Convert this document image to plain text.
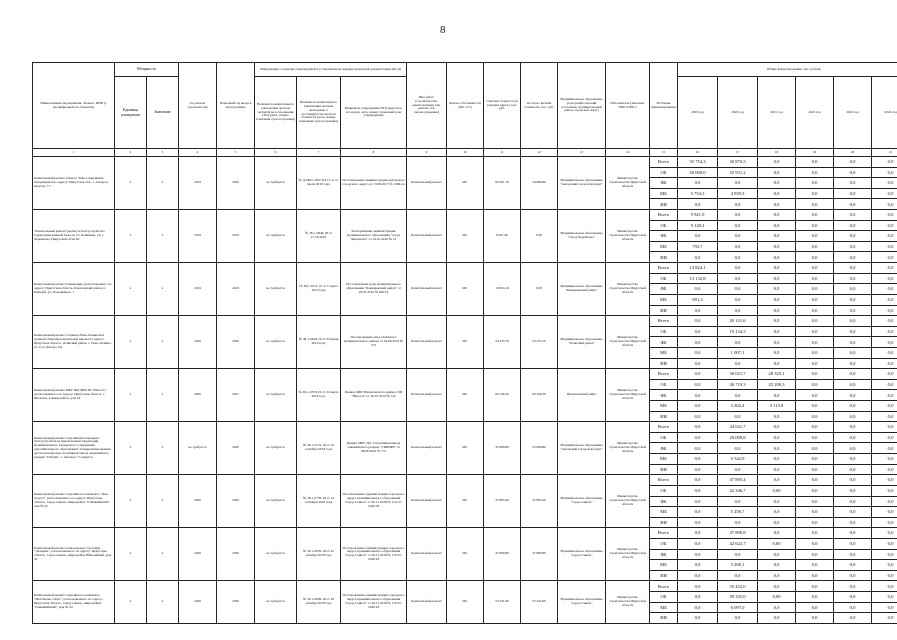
8
Наименование мероприятия, объекта, ИНП (с расшифровкой по объектам)	Мощность		Год начала строительства	Плановый год ввода в эксплуатацию	Информация о наличии утвержденной в установленном порядке проектной документации (ПСД)			Вид работ (строительство, реконструкция, кап. ремонт, тех. перевооружение)	Форма собственности (МС, ГС)	Сметная стоимость (в текущих ценах), тыс. руб.	Остаток сметной стоимости, тыс. руб.	Муниципальное образование (городской/сельский поселения, муниципальный район, городской округ)	Исполнитель (заказчик/ГРБС/ГРБС)	Источник финансирования	Общие финансирования, тыс. рублей					
	Единица измерения	Значение			Наличие положительного заключения органов экспертизы в отношении ПСД (дата, номер; плановый срок получения)	Наличие положительного заключения органов экспертизы о достоверности сметной стоимости (дата, номер; плановый срок получения)	Реквизиты утверждения ПСД (вид акта, кто издал, дата, номер; плановый срок утверждения)								2019 год	2020 год	2021 год	2022 год	2023 год	2024 год
1	2	3	4	5	6	7	8	9	10	11	12	13	14	15	16	17	18	19	20	21
Капитальный ремонт объекта "Бара спортивная, находящаяся по адресу: Иркутская обл., г. Ангарск, квартал, 71"	х	х	2019	2020	не требуется	№ Д-062/1-0637/04 15 от 17 июля 2019 года	Постановление администрации Ангарского городского округа от 13.08.2017 № 1390-па	Капитальный ремонт	МС	90 581.10	34 986.80	Муниципальное образование "Ангарский городской округ"	Министерство строительства Иркутской области	Всего	55 754,3	30 870,5	0,0	0,0	0,0	0,0
														ОБ	50 000,0	25 931,2	0,0	0,0	0,0	0,0
														ФБ	0,0	0,0	0,0	0,0	0,0	0,0
														МБ	5 754,3	4 939,3	0,0	0,0	0,0	0,0
														ИИ	0,0	0,0	0,0	0,0	0,0	0,0
"Капитальный ремонт (далее) и благоустройство территории лыжной базы по ул. Калинина, 2 в г. Черемхово, Иркутской области"	х	х	2019	2019	не требуется	№ 38-1-0840-18 от 15.10.2018	Распоряжение администрации муниципального образования "город Черемхово" от 24.01.2019 № 12	Капитальный ремонт	МС	9 921.90	0.00	Муниципальное образование "город Черемхово"	Министерство строительства Иркутской области	Всего	9 921,9	0,0	0,0	0,0	0,0	0,0
														ОБ	9 128,2	0,0	0,0	0,0	0,0	0,0
														ФБ	0,0	0,0	0,0	0,0	0,0	0,0
														МБ	793,7	0,0	0,0	0,0	0,0	0,0
														ИИ	0,0	0,0	0,0	0,0	0,0	0,0
Капитальный ремонт помещения, расположенного по адресу: Иркутская область, Балаганский район, п. Баяндай, ул. Полодяжное, 1	х	х	2019	2019	не требуется	№ 38-1-0311-19 от 7 марта 2019 года	Постановление мэра муниципального образования "Баяндаевский район" от 29.03.2019 № 626/19	Капитальный ремонт	МС	13 824.19	0.00	Муниципальное образование "Баяндаевский район"	Министерство строительства Иркутской области	Всего	13 824,1	0,0	0,0	0,0	0,0	0,0
														ОБ	13 132,8	0,0	0,0	0,0	0,0	0,0
														ФБ	0,0	0,0	0,0	0,0	0,0	0,0
														МБ	691,3	0,0	0,0	0,0	0,0	0,0
														ИИ	0,0	0,0	0,0	0,0	0,0	0,0
Капитальный ремонт стадиона Ново-Ленинской средней общеобразовательной школы по адресу: Иркутская область, Осинский район, с. Ново-Ленино, ул. Сугэ-Батора, 9А	х	х	2020	2020	не требуется	№ 38-1-0618-19 от 03 июня 2019 года	Постановление мэра Осинского муниципального района от 19.06.2019 № 373	Капитальный ремонт	МС	24 235.70	24 235.70	Муниципальное образование "Осинский район"	Министерство строительства Иркутской области	Всего	0,0	20 141,6	0,0	0,0	0,0	0,0
														ОБ	0,0	19 134,5	0,0	0,0	0,0	0,0
														ФБ	0,0	0,0	0,0	0,0	0,0	0,0
														МБ	0,0	1 007,1	0,0	0,0	0,0	0,0
														ИИ	0,0	0,0	0,0	0,0	0,0	0,0
Капитальный ремонт МБУ ЦФ ДЮСШ "Юность", расположенного по адресу: Иркутская область, г. Шелехов, 4 микрорайон, дом 44	х	х	2020	2021	не требуется	№ 38-1-0379-19 от 22 марта 2019 года	Приказ МБУ Шелеховского района СШ "Юность" от 30.07.2019 № 142	Капитальный ремонт	МС	60 346.50	60 346.50	Шелеховский район	Министерство строительства Иркутской области	Всего	0,0	30 021,7	28 325,1	0,0	0,0	0,0
														ОБ	0,0	26 719,3	25 209,3	0,0	0,0	0,0
														ФБ	0,0	0,0	0,0	0,0	0,0	0,0
														МБ	0,0	3 302,4	3 115,8	0,0	0,0	0,0
														ИИ	0,0	0,0	0,0	0,0	0,0	0,0
Капитальный ремонт спортивной площадки с благоустройством прилегающей территории муниципального бюджетного учреждения дополнительного образования "Специализированная детско-юношеская спортивная школа олимпийского резерва "Сибирь", г. Ангарск, 71 квартал	х	х	не требуется	2020	не требуется	№ 38-1-0741-18 от 10 сентября 2018 года	Приказ МБУ ДО "Спортивная школа олимпийского резерва "СИБИРЬ" от 28.08.2019 № 77а	Капитальный ремонт	МС	35 668.80	35 668.80	Муниципальное образование "Ангарский городской округ"	Министерство строительства Иркутской области	Всего	0,0	34 641,7	0,0	0,0	0,0	0,0
														ОБ	0,0	29 098,8	0,0	0,0	0,0	0,0
														ФБ	0,0	0,0	0,0	0,0	0,0	0,0
														МБ	0,0	5 542,9	0,0	0,0	0,0	0,0
														ИИ	0,0	0,0	0,0	0,0	0,0	0,0
Капитальный ремонт спортивного комплекса "Дом спорта", расположенного по адресу: Иркутская область, город Саянск, микрорайон "Олимпийский", дом № 23	х	х	2020	2020	не требуется	№ 38-1-0756-18 от 14 сентября 2018 года	Постановление администрации городского округа муниципального образования "город Саянск" от 26.11.2018 № 110-37-1290-18	Капитальный ремонт	МС	47 895.40	47 895.40	Муниципальное образование "город Саянск"	Министерство строительства Иркутской области	Всего	0,0	47 895,4	0,0	0,0	0,0	0,0
														ОБ	0,0	42 346,7	0,00	0,0	0,0	0,0
														ФБ	0,0	0,0	0,0	0,0	0,0	0,0
														МБ	0,0	5 258,7	0,0	0,0	0,0	0,0
														ИИ	0,0	0,0	0,0	0,0	0,0	0,0
Капитальный ремонт плавательного бассейна "Дельфин", расположенного по адресу: Иркутская область, город Саянск, микрорайон Юбилейный, дом 32	х	х	2020	2020	не требуется	№ 38-1-0835-18 от 22 октября 2018 года	Постановление администрации городского округа муниципального образования "город Саянск" от 26.11.2018 № 110-37-1288-18	Капитальный ремонт	МС	47 890.80	47 890.80	Муниципальное образование "город Саянск"	Министерство строительства Иркутской области	Всего	0,0	47 890,8	0,0	0,0	0,0	0,0
														ОБ	0,0	42 622,7	0,00	0,0	0,0	0,0
														ФБ	0,0	0,0	0,0	0,0	0,0	0,0
														МБ	0,0	5 268,1	0,0	0,0	0,0	0,0
														ИИ	0,0	0,0	0,0	0,0	0,0	0,0
Капитальный ремонт спортивного комплекса "Мегаполис-спорт", расположенного по адресу: Иркутская область, город Саянск, микрорайон "Олимпийский", дом № 24	х	х	2020	2020	не требуется	№ 38-1-0829-18 от 18 октября 2018 года	Постановление администрации городского округа муниципального образования "город Саянск" от 26.11.2018 № 110-37-1289-18	Капитальный ремонт	МС	55 431.60	55 432.00	Муниципальное образование "город Саянск"	Министерство строительства Иркутской области	Всего	0,0	55 432,0	0,0	0,0	0,0	0,0
														ОБ	0,0	49 335,0	0,00	0,0	0,0	0,0
														МБ	0,0	6 097,0	0,0	0,0	0,0	0,0
														ИИ	0,0	0,0	0,0	0,0	0,0	0,0
